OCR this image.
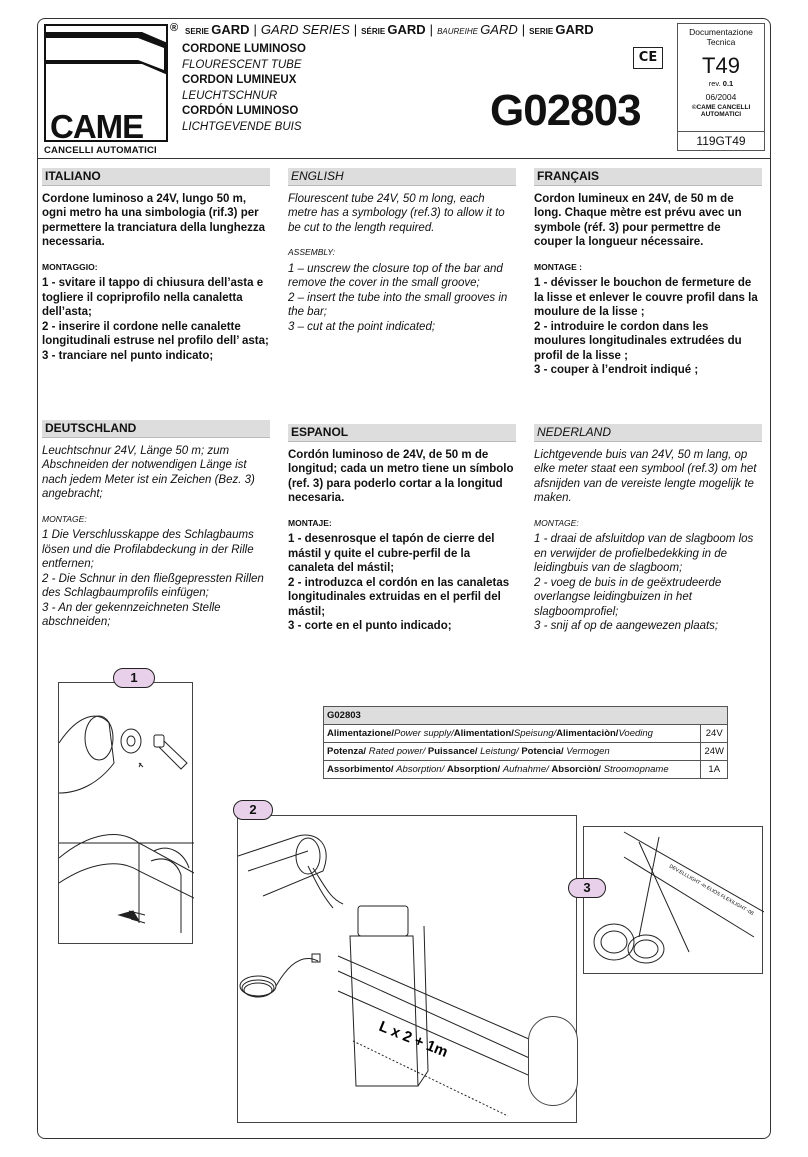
CAME
CANCELLI AUTOMATICI
® SERIE GARD | GARD SERIES | SÉRIE GARD | BAUREIHE GARD | SERIE GARD
CORDONE LUMINOSO
FLOURESCENT TUBE
CORDON LUMINEUX
LEUCHTSCHNUR
CORDÓN LUMINOSO
LICHTGEVENDE BUIS
CE
G02803
Documentazione Tecnica
T49
rev. 0.1
06/2004
©CAME CANCELLI AUTOMATICI
119GT49
ITALIANO

Cordone luminoso a 24V, lungo 50 m, ogni metro ha una simbologia (rif.3) per permettere la tranciatura della lunghezza necessaria.

MONTAGGIO:
1 - svitare il tappo di chiusura dell’asta e togliere il copriprofilo nella canaletta dell’asta;
2 - inserire il cordone nelle canalette longitudinali estruse nel profilo dell’ asta;
3 - tranciare nel punto indicato;
ENGLISH

Flourescent tube 24V, 50 m long, each metre has a symbology (ref.3) to allow it to be cut to the length required.

ASSEMBLY:
1 – unscrew the closure top of the bar and remove the cover in the small groove;
2 – insert the tube into the small grooves in the bar;
3 – cut at the point indicated;
FRANÇAIS

Cordon lumineux en 24V, de 50 m de long. Chaque mètre est prévu avec un symbole (réf. 3) pour permettre de couper la longueur nécessaire.

MONTAGE :
1 - dévisser le bouchon de fermeture de la lisse et enlever le couvre profil dans la moulure de la lisse ;
2 - introduire le cordon dans les moulures longitudinales extrudées du profil de la lisse ;
3 - couper à l’endroit indiqué ;
DEUTSCHLAND

Leuchtschnur 24V, Länge 50 m; zum Abschneiden der notwendigen Länge ist nach jedem Meter ist ein Zeichen (Bez. 3) angebracht;

MONTAGE:
1 Die Verschlusskappe des Schlagbaums lösen und die Profilabdeckung in der Rille entfernen;
2 - Die Schnur in den fließgepressten Rillen des Schlagbaumprofils einfügen;
3 - An der gekennzeichneten Stelle abschneiden;
ESPANOL

Cordón luminoso de 24V, de 50 m de longitud; cada un metro tiene un símbolo (ref. 3) para poderlo cortar a la longitud necesaria.

MONTAJE:
1 - desenrosque el tapón de cierre del mástil y quite el cubre-perfil de la canaleta del mástil;
2 - introduzca el cordón en las canaletas longitudinales extruidas en el perfil del mástil;
3 - corte en el punto indicado;
NEDERLAND

Lichtgevende buis van 24V, 50 m lang, op elke meter staat een symbool (ref.3) om het afsnijden van de vereiste lengte mogelijk te maken.

MONTAGE:
1 - draai de afsluitdop van de slagboom los en verwijder de profielbedekking in de leidingbuis van de slagboom;
2 - voeg de buis in de geëxtrudeerde overlangse leidingbuizen in het slagboomprofiel;
3 - snij af op de aangewezen plaats;
1
G02803	
Alimentazione/Power supply/Alimentation/Speisung/Alimentaciòn/Voeding	24V
Potenza/ Rated power/ Puissance/ Leistung/ Potencia/ Vermogen	24W
Assorbimento/ Absorption/ Absorption/ Aufnahme/ Absorciòn/ Stroomopname	1A
L x 2 + 1m
2
DEV.ELLLIGHT -in ELIOS FLEXILIGHT -08
3
